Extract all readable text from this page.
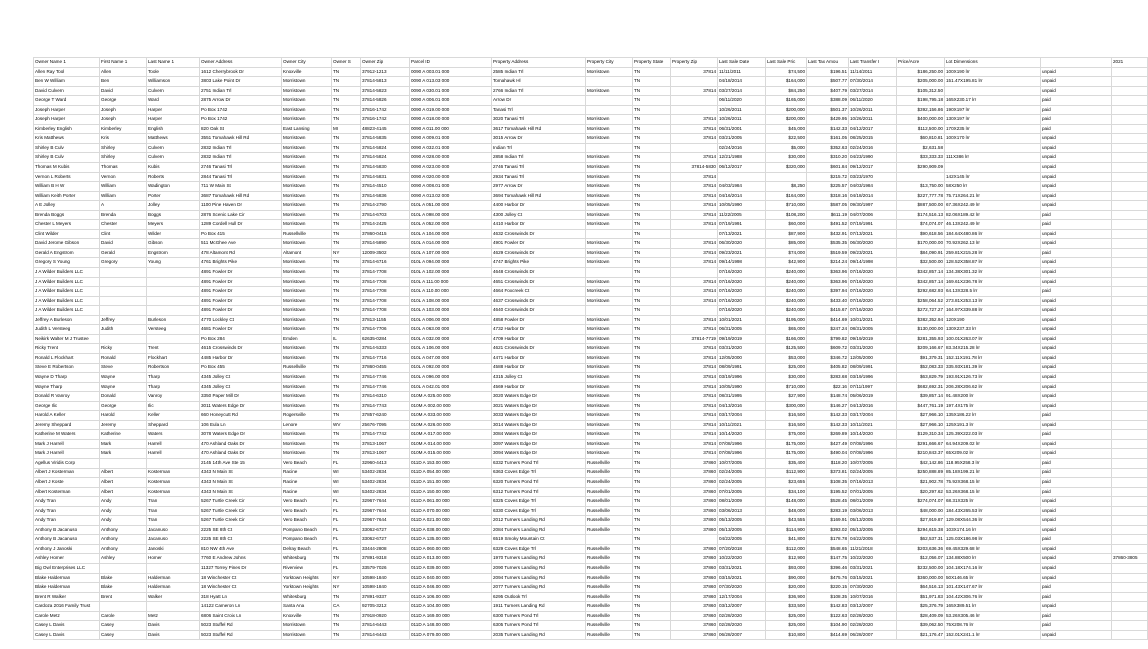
Owner Name 1	First Name 1	Last Name 1	Owner Address	Owner City	Owner S	Owner Zip	Parcel ID	Property Address	Property City	Property State	Property Zip	Last Sale Date	Last Sale Pric	Last Tax Amou	Last Transfer I	Price/Acre	Lot Dimensions		2021
Allen Ray Tool	Allen	Toole	1612 Cherrybrook Dr	Knoxville	TN	37912-1213	0090 A 003.01 000	2585 Indian Trl	Morristown	TN	37814	11/11/2011	$74,500	$196.51	11/14/2011	$186,250.00	100X190 lrr	unpaid	
Ben W William	Ben	Williamson	3803 Lake Point Dr	Morristown	TN	37814-5813	0090 A 013.03 000	Tomahawk Hl		TN		04/18/2014	$164,000	$507.77	07/30/2014	$205,000.00	151.47X195.81 lrr	unpaid	
David Culvern	David	Culvern	2751 Indian Trl	Morristown	TN	37814-5823	0090 A 030.01 000	2766 Indian Trl	Morristown	TN	37814	03/27/2014	$84,250	$407.79	03/27/2014	$105,312.50		unpaid	
George T Ward	George	Ward	2875 Arrow Dr	Morristown	TN	37814-5826	0090 A 006.01 000	Arrow Dr		TN		06/11/2020	$165,000	$388.09	06/11/2020	$198,795.18	165X230.17 lrr	paid	
Joseph Harper	Joseph	Harper	Po Box 1742	Morristown	TN	37816-1742	0090 A 019.00 000	Tanasi Trl		TN		10/26/2011	$200,000	$501.37	10/26/2011	$392,156.86	190X197 lrr	paid	
Joseph Harper	Joseph	Harper	Po Box 1742	Morristown	TN	37816-1742	0090 A 018.00 000	3020 Tanasi Trl	Morristown	TN	37814	10/26/2011	$200,000	$429.95	10/26/2011	$400,000.00	130X197 lrr	paid	
Kimberley English	Kimberley	English	820 Oak St	East Lansing	MI	48823-4145	0090 A 011.00 000	3617 Tomahawk Hill Rd	Morristown	TN	37814	06/31/2001	$45,000	$142.33	04/12/2017	$112,500.00	170X235 lrr	paid	
Kris Matthews	Kris	Matthews	3551 Tomahawk Hill Rd	Morristown	TN	37814-5835	0090 A 009.01 000	3015 Arrow Dr	Morristown	TN	37814	03/21/2005	$22,500	$161.05	08/25/2015	$60,810.81	100X170 lrr	unpaid	
Shirley B Culv	Shirley	Culvern	2832 Indian Trl	Morristown	TN	37814-5824	0090 A 032.01 000	Indian Trl		TN		02/24/2016	$5,000	$352.63	02/24/2016	$2,631.58		unpaid	
Shirley B Culv	Shirley	Culvern	2832 Indian Trl	Morristown	TN	37814-5824	0090 A 028.00 000	2858 Indian Trl	Morristown	TN	37814	12/21/1988	$30,000	$310.20	04/23/1990	$33,333.33	111X386 lrr	unpaid	
Thomas M Kubis	Thomas	Kubis	2746 Tanasi Trl	Morristown	TN	37814-5830	0090 A 023.00 000	2746 Tanasi Trl	Morristown	TN	37814-5830	06/12/2017	$320,000	$601.84	09/12/2017	$290,909.09		unpaid	
Vernon L Roberts	Vernon	Roberts	2844 Tanasi Trl	Morristown	TN	37814-5831	0090 A 020.00 000	2934 Tanasi Trl	Morristown	TN	37814			$215.72	03/23/1970		142X145 lrr	unpaid	
William B H W	William	Wadington	711 W Main St	Morristown	TN	37814-4510	0090 A 008.01 000	2977 Arrow Dr	Morristown	TN	37814	04/03/1984	$8,250	$225.57	04/03/1984	$13,750.00	58X250 lrr	unpaid	
William Keith Porter	William	Porter	3687 Tomahawk Hill Rd	Morristown	TN	37814-5836	0090 A 013.02 000	3694 Tomahawk Hill Rd	Morristown	TN	37814	04/16/2014	$164,000	$318.16	04/18/2014	$227,777.78	75.71X264.21 lrr	unpaid	
A E Jolley	A	Jolley	1100 Pine Haven Dr	Morristown	TN	37814-2790	010L A 051.00 000	4400 Harbor Dr	Morristown	TN	37814	10/05/1990	$710,000	$587.05	09/30/1997	$887,500.00	67.36X242.49 lrr	unpaid	
Brenda Boggs	Brenda	Boggs	2876 Scenic Lake Cir	Morristown	TN	37814-6703	010L A 098.00 000	4300 Jolley Ct	Morristown	TN	37814	11/22/2005	$108,200	$611.19	04/07/2006	$174,516.13	82.06X189.42 lrr	paid	
Chester L Meyers	Chester	Meyers	1289 Cordell Hull Dr	Morristown	TN	37814-2425	010L A 052.00 000	4410 Harbor Dr	Morristown	TN	37814	07/19/1991	$60,000	$491.52	07/19/1991	$74,074.07	46.13X242.49 lrr	paid	
Clint Wilder	Clint	Wilder	Po Box 415	Russellville	TN	37860-0415	010L A 104.00 000	4632 Crosswinds Dr		TN		07/13/2021	$87,900	$432.91	07/13/2021	$90,618.56	184.64X480.86 lrr	unpaid	
David Jerome Gibson	David	Gibson	511 McGhee Ave	Morristown	TN	37814-5890	010L A 014.00 000	4901 Fowler Dr	Morristown	TN	37814	06/30/2020	$85,000	$535.35	06/30/2020	$170,000.00	70.92X262.13 lrr	unpaid	
Gerald A Engstrom	Gerald	Engstrom	478 Altamont Rd	Altamont	NY	12009-3502	010L A 107.00 000	4629 Crosswinds Dr	Morristown	TN	37814	09/23/2021	$74,000	$519.59	09/23/2021	$84,090.91	259.81X215.28 lrr	paid	
Gregory S Young	Gregory	Young	4761 Brights Pike	Morristown	TN	37814-6716	010L A 094.00 000	4747 Brights Pike	Morristown	TN	37814	09/14/1998	$42,900	$214.24	09/14/1998	$32,500.00	128.52X358.87 lrr	unpaid	
J A Wilder Builders LLC			4891 Fowler Dr	Morristown	TN	37814-7708	010L A 102.00 000	4648 Crosswinds Dr		TN		07/16/2020	$240,000	$363.96	07/16/2020	$342,857.14	134.38X301.32 lrr	unpaid	
J A Wilder Builders LLC			4891 Fowler Dr	Morristown	TN	37814-7708	010L A 111.00 000	4651 Crosswinds Dr	Morristown	TN	37814	07/16/2020	$240,000	$363.96	07/16/2020	$342,857.14	169.61X236.78 lrr	unpaid	
J A Wilder Builders LLC			4891 Fowler Dr	Morristown	TN	37814-7708	010L A 110.00 000	4664 Foxcreek Ct	Morristown	TN	37814	07/16/2020	$240,000	$397.94	07/16/2020	$292,682.93	64.13X328.5 lrr	paid	
J A Wilder Builders LLC			4891 Fowler Dr	Morristown	TN	37814-7708	010L A 108.00 000	4637 Crosswinds Dr	Morristown	TN	37814	07/16/2020	$240,000	$433.40	07/16/2020	$258,064.52	273.81X253.13 lrr	unpaid	
J A Wilder Builders LLC			4891 Fowler Dr	Morristown	TN	37814-7708	010L A 103.00 000	4640 Crosswinds Dr		TN		07/16/2020	$240,000	$415.67	07/16/2020	$272,727.27	164.97X339.88 lrr	unpaid	
Jeffrey A Burleson	Jeffrey	Burleson	4770 Lockley Ct	Morristown	TN	37813-1155	010L A 006.00 000	4858 Fowler Dr	Morristown	TN	37814	10/01/2021	$195,000	$414.69	10/01/2021	$382,352.94	120X190	unpaid	
Judith L Versteeg	Judith	Versteeg	4681 Fowler Dr	Morristown	TN	37814-7706	010L A 063.00 000	4732 Harbor Dr	Morristown	TN	37814	06/31/2005	$65,000	$247.24	08/31/2005	$130,000.00	130X237.33 lrr	unpaid	
Neikirk Walter M J Trustee			Po Box 284	Emden	IL	62635-0284	010L A 032.00 000	4709 Harbor Dr	Morristown	TN	37814-7719	09/19/2019	$166,000	$799.82	09/19/2019	$281,355.93	100.01X263.07 lrr	unpaid	
Ricky Trent	Ricky	Trent	4615 Crosswinds Dr	Morristown	TN	37814-5333	010L A 106.00 000	4621 Crosswinds Dr	Morristown	TN	37814	03/31/2020	$125,500	$609.72	03/31/2020	$209,166.67	83.34X215.28 lrr	unpaid	
Ronald L Flockhart	Ronald	Flockhart	4485 Harbor Dr	Morristown	TN	37814-7716	010L A 047.00 000	4471 Harbor Dr	Morristown	TN	37814	12/05/2000	$53,000	$346.72	12/05/2000	$91,379.31	152.11X191.78 lrr	unpaid	
Steve E Robertson	Steve	Robertson	Po Box 455	Russellville	TN	37860-0455	010L A 092.00 000	4588 Harbor Dr	Morristown	TN	37814	08/09/1991	$25,000	$405.82	08/09/1991	$52,083.33	335.93X181.39 lrr	unpaid	
Wayne D Tharp	Wayne	Tharp	4345 Jolley Ct	Morristown	TN	37814-7746	010L A 096.00 000	4315 Jolley Ct	Morristown	TN	37814	03/19/1996	$30,000	$283.68	03/19/1996	$63,829.79	193.91X126.73 lrr	unpaid	
Wayne Tharp	Wayne	Tharp	4345 Jolley Ct	Morristown	TN	37814-7746	010L A 042.01 000	4569 Harbor Dr	Morristown	TN	37814	10/05/1990	$710,000	$22.16	07/11/1997	$682,692.31	206.28X206.62 lrr	unpaid	
Donald R Vanroy	Donald	Vanroy	3350 Paper Mill Dr	Morristown	TN	37814-6310	010M A 025.00 000	3020 Waters Edge Dr	Morristown	TN	37814	08/31/1995	$27,900	$148.74	05/06/2019	$39,857.14	91.48X200 lrr	unpaid	
George Ilic	George	Ilic	3011 Waters Edge Dr	Morristown	TN	37814-7743	010M A 002.00 000	3021 Waters Edge Dr	Morristown	TN	37814	04/13/2016	$300,000	$146.27	04/13/2016	$447,761.19	197.4X175 lrr	unpaid	
Harold A Keller	Harold	Keller	660 Honeycutt Rd	Rogersville	TN	37857-6240	010M A 033.00 000	3033 Waters Edge Dr	Morristown	TN	37814	03/17/2004	$16,500	$142.33	03/17/2004	$27,966.10	135X186.22 lrr	paid	
Jeremy Sheppard	Jeremy	Sheppard	106 Eula Ln	Lenore	WV	25676-7095	010M A 026.00 000	3014 Waters Edge Dr	Morristown	TN	37814	10/11/2021	$16,500	$142.33	10/11/2021	$27,966.10	125X191.3 lrr	unpaid	
Katherine M Waters	Katherine	Waters	3078 Waters Edge Dr	Morristown	TN	37814-7742	010M A 017.00 000	3084 Waters Edge Dr	Morristown	TN	37814	10/14/2020	$75,000	$269.89	10/14/2020	$129,310.34	125.39X222.03 lrr	paid	
Mark J Harrell	Mark	Harrell	470 Ashland Oaks Dr	Morristown	TN	37813-1067	010M A 014.00 000	3097 Waters Edge Dr	Morristown	TN	37814	07/08/1996	$175,000	$427.49	07/08/1996	$291,666.67	64.94X209.02 lrr	unpaid	
Mark J Harrell	Mark	Harrell	470 Ashland Oaks Dr	Morristown	TN	37813-1067	010M A 015.00 000	3094 Waters Edge Dr	Morristown	TN	37814	07/08/1996	$175,000	$490.04	07/08/1996	$210,843.37	65X209.02 lrr	unpaid	
Agellus Viridis Corp			2145 14th Ave Ste 15	Vero Beach	FL	32960-4413	011D A 153.00 000	6332 Turners Pond Trl	Russellville	TN	37860	10/07/2005	$35,400	$118.20	10/07/2005	$42,142.86	118.95X258.3 lrr	paid	
Albert J Kosterman	Albert	Kosterman	4343 N Main St	Racine	WI	53402-2834	011D A 054.00 000	6363 Coves Edge Trl	Russellville	TN	37860	02/24/2005	$112,900	$373.81	02/24/2005	$250,888.89	85.18X199.21 lrr	paid	
Albert J Koste	Albert	Kosterman	4343 N Main St	Racine	WI	53402-2834	011D A 151.00 000	6320 Turners Pond Trl	Russellville	TN	37860	02/24/2005	$23,655	$108.35	07/16/2013	$21,902.78	75.92X368.15 lrr	paid	
Albert Kosterman	Albert	Kosterman	4343 N Main St	Racine	WI	53402-2834	011D A 150.00 000	6312 Turners Pond Trl	Russellville	TN	37860	07/01/2005	$34,100	$195.52	07/01/2005	$20,297.62	53.26X368.15 lrr	paid	
Andy Tran	Andy	Tran	5267 Turtle Creek Cir	Vero Beach	FL	32967-7644	011D A 061.00 000	6325 Coves Edge Trl	Russellville	TN	37860	08/01/2009	$148,000	$528.45	08/01/2009	$274,074.07	68.31X325 lrr	unpaid	
Andy Tran	Andy	Tran	5267 Turtle Creek Cir	Vero Beach	FL	32967-7644	011D A 070.00 000	6330 Coves Edge Trl	Russellville	TN	37860	03/06/2013	$48,000	$283.19	03/06/2013	$48,000.00	184.43X265.53 lrr	unpaid	
Andy Tran	Andy	Tran	5267 Turtle Creek Cir	Vero Beach	FL	32967-7644	011D A 021.00 000	2012 Turners Landing Rd	Russellville	TN	37860	05/13/2005	$43,555	$169.91	05/13/2005	$27,919.87	129.08X544.36 lrr	unpaid	
Anthony B Jacanuso	Anthony	Jacanuso	2225 SE 8th Ct	Pompano Beach	FL	33062-6727	011D A 038.00 000	2084 Turners Landing Rd	Russellville	TN	37860	05/13/2005	$114,900	$393.02	05/13/2005	$294,615.38	103X174.16 lrr	unpaid	
Anthony B Jacanuso	Anthony	Jacanuso	2225 SE 8th Ct	Pompano Beach	FL	33062-6727	011D A 135.00 000	6519 Smoky Mountain Ct		TN		04/22/2005	$41,800	$178.78	04/22/2005	$62,537.31	125.03X186.98 lrr	paid	
Anthony J Janoski	Anthony	Janoski	810 NW 4th Ave	Delray Beach	FL	33444-2808	011D A 060.00 000	6329 Coves Edge Trl	Russellville	TN	37860	07/20/2018	$112,000	$548.65	11/21/2018	$203,636.36	69.45X329.68 lrr	unpaid	
Ashley Homer	Ashley	Homer	7760 E Andrew Johns	Whitesburg	TN	37891-9318	011D A 013.00 000	1970 Turners Landing Rd	Russellville	TN	37860	10/22/2020	$12,900	$147.75	10/22/2020	$12,056.07	134.88X500 lrr	unpaid	37860-3805
Big Owl Enterprises LLC			11327 Torrey Pines Dr	Riverview	FL	33579-7026	011D A 039.00 000	2090 Turners Landing Rd	Russellville	TN	37860	03/31/2021	$93,000	$396.46	03/31/2021	$232,500.00	104.18X174.16 lrr	unpaid	
Blake Halderman	Blake	Halderman	18 Winchester Ct	Yorktown Heights	NY	10598-1840	011D A 040.00 000	2094 Turners Landing Rd	Russellville	TN	37860	03/15/2021	$90,000	$475.76	03/15/2021	$360,000.00	50X146.65 lrr	unpaid	
Blake Halderman	Blake	Halderman	18 Winchester Ct	Yorktown Heights	NY	10598-1840	011D A 046.00 000	2077 Turners Landing Rd	Russellville	TN	37860	07/30/2020	$20,000	$220.15	07/30/2020	$64,516.13	101.43X147.67 lrr	paid	
Brent R Walker	Brent	Walker	318 Hyatt Ln	Whitesburg	TN	37891-9337	011D A 106.00 000	6295 Outlook Trl	Russellville	TN	37860	12/17/2004	$36,900	$108.35	10/07/2016	$51,971.83	104.42X306.76 lrr	paid	
Cardoza 2016 Family Trust			14122 Cameron Ln	Santa Ana	CA	92705-3212	011D A 104.00 000	1911 Turners Landing Rd	Russellville	TN	37860	03/12/2007	$33,500	$142.83	03/12/2007	$25,376.79	165X389.51 lrr	unpaid	
Carole Metz	Carole	Metz	6806 Saint Croix Ln	Knoxville	TN	37918-0920	011D A 169.00 000	6300 Turners Pond Trl	Russellville	TN	37860	02/28/2020	$25,000	$122.63	02/28/2020	$28,409.09	53.26X305.46 lrr	paid	
Casey L Davis	Casey	Davis	5023 Stuffel Rd	Morristown	TN	37814-6443	011D A 148.00 000	6305 Turners Pond Trl	Russellville	TN	37860	02/28/2020	$25,000	$104.90	02/28/2020	$39,062.50	75X208.76 lrr	paid	
Casey L Davis	Casey	Davis	5023 Stuffel Rd	Morristown	TN	37814-6443	011D A 079.00 000	2035 Turners Landing Rd	Russellville	TN	37860	06/28/2007	$10,800	$414.69	06/28/2007	$21,176.47	152.01X241.1 lrr	unpaid	
